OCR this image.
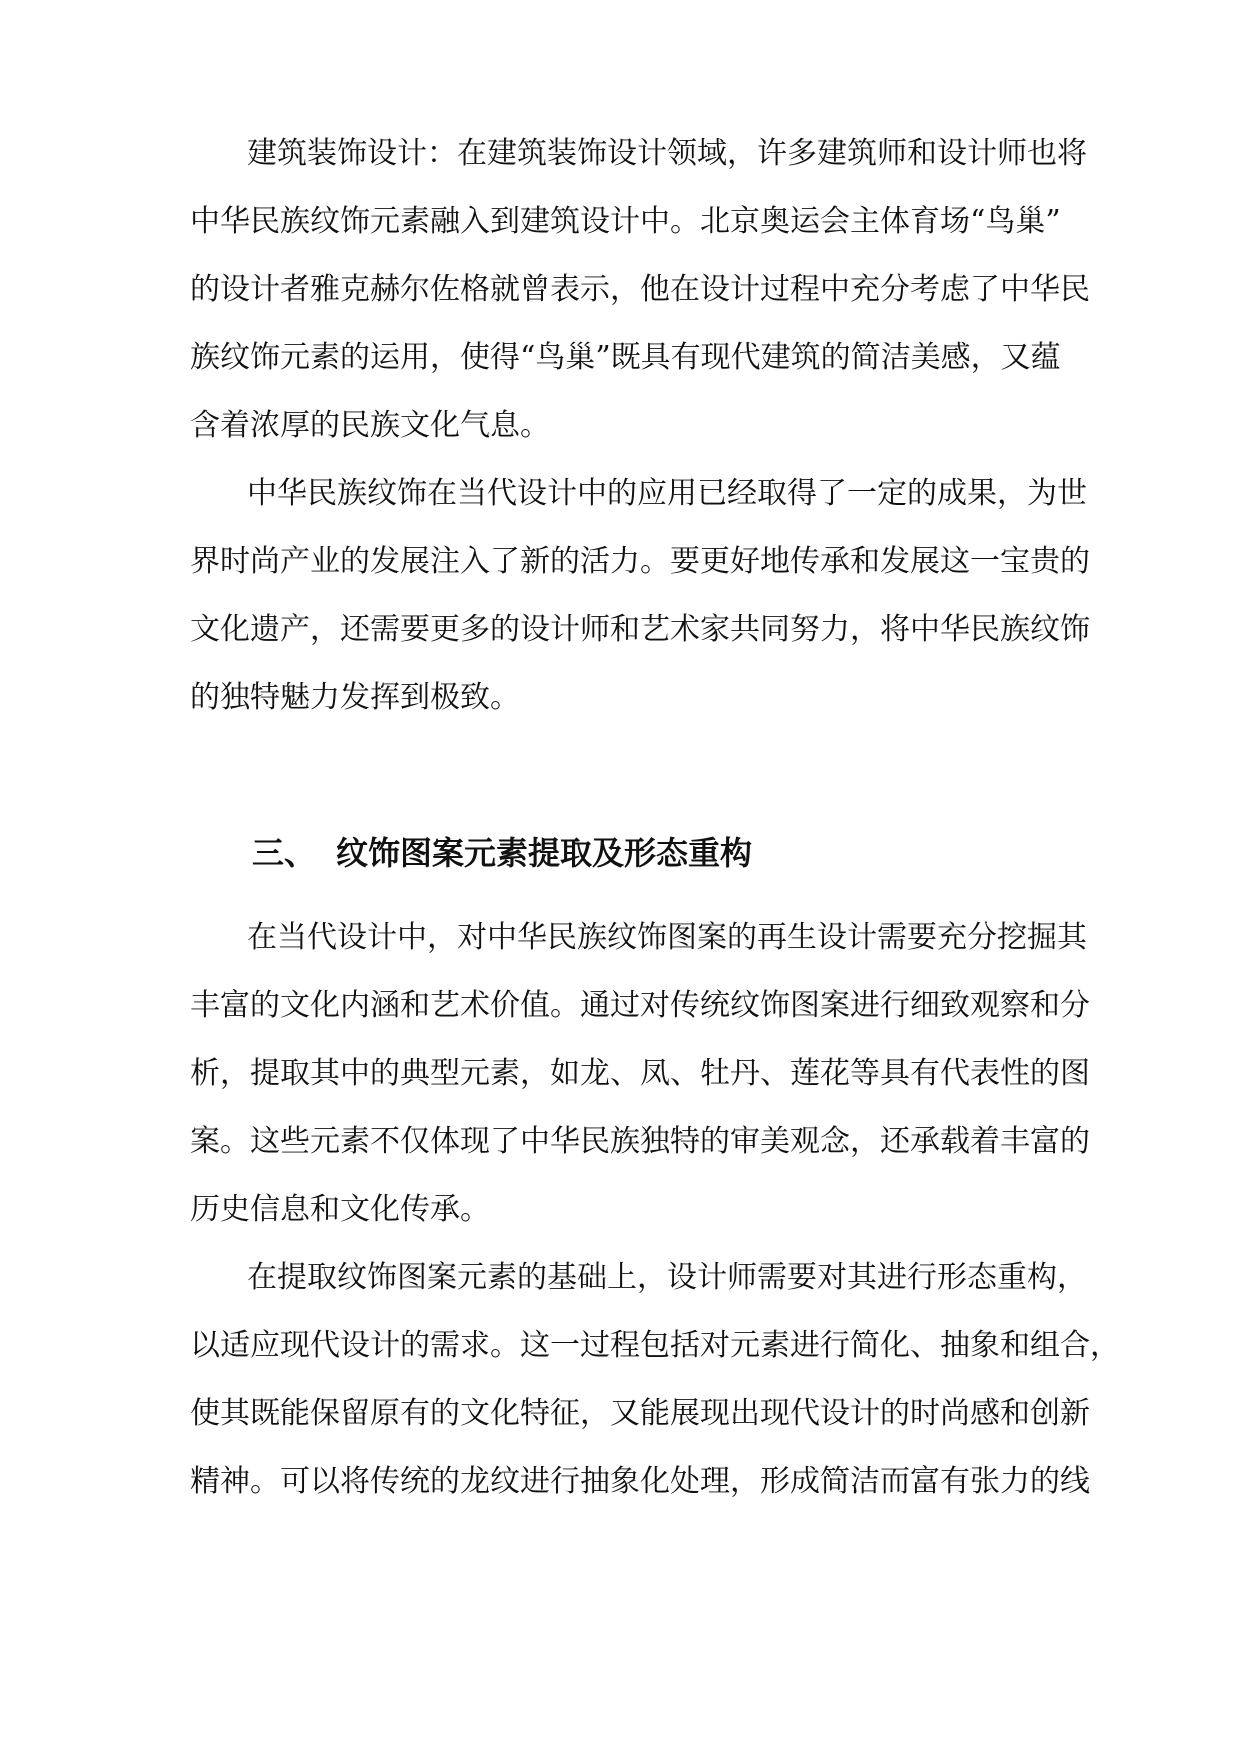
建筑装饰设计：在建筑装饰设计领域，许多建筑师和设计师也将
中华民族纹饰元素融入到建筑设计中。北京奥运会主体育场“鸟巢”
的设计者雅克赫尔佐格就曾表示，他在设计过程中充分考虑了中华民
族纹饰元素的运用，使得“鸟巢”既具有现代建筑的简洁美感，又蕴
含着浓厚的民族文化气息。
中华民族纹饰在当代设计中的应用已经取得了一定的成果，为世
界时尚产业的发展注入了新的活力。要更好地传承和发展这一宝贵的
文化遗产，还需要更多的设计师和艺术家共同努力，将中华民族纹饰
的独特魅力发挥到极致。
三、 纹饰图案元素提取及形态重构
在当代设计中，对中华民族纹饰图案的再生设计需要充分挖掘其
丰富的文化内涵和艺术价值。通过对传统纹饰图案进行细致观察和分
析，提取其中的典型元素，如龙、凤、牡丹、莲花等具有代表性的图
案。这些元素不仅体现了中华民族独特的审美观念，还承载着丰富的
历史信息和文化传承。
在提取纹饰图案元素的基础上，设计师需要对其进行形态重构，
以适应现代设计的需求。这一过程包括对元素进行简化、抽象和组合，
使其既能保留原有的文化特征，又能展现出现代设计的时尚感和创新
精神。可以将传统的龙纹进行抽象化处理，形成简洁而富有张力的线
